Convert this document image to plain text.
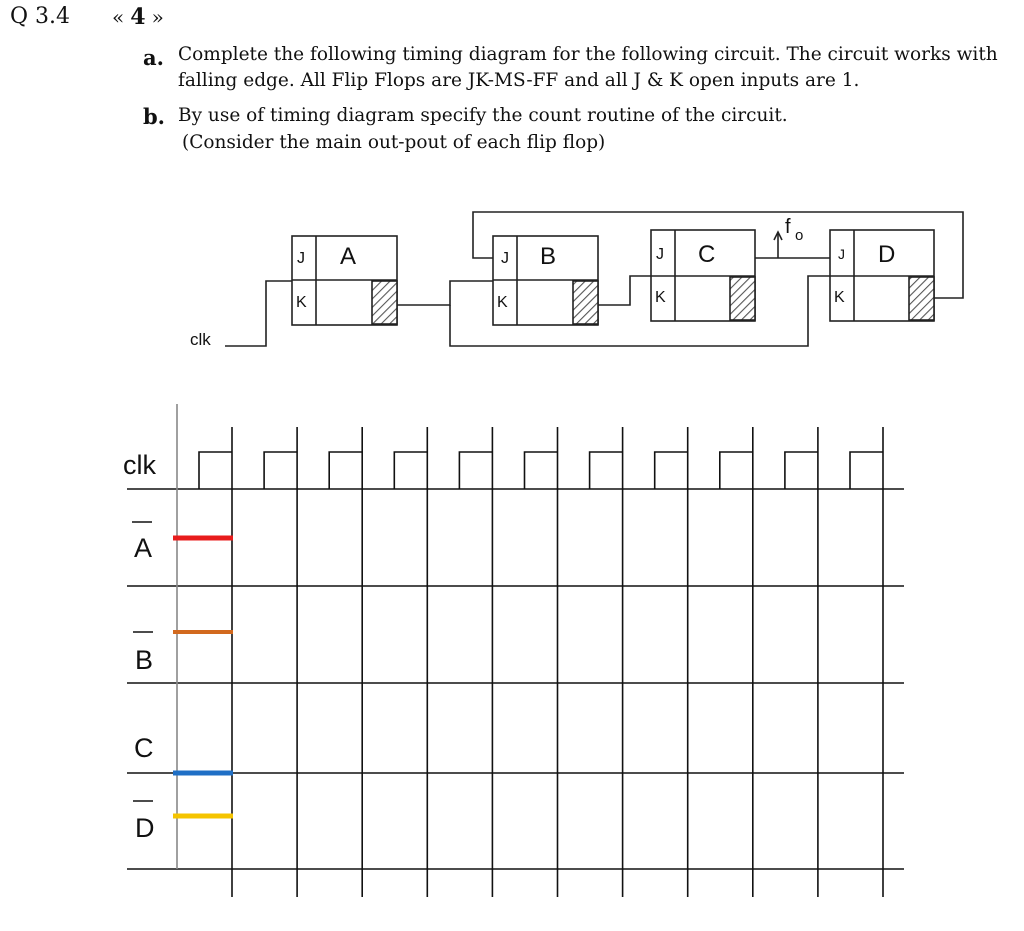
Q 3.4 « 4 »
a. Complete the following timing diagram for the following circuit. The circuit works with
falling edge. All Flip Flops are JK-MS-FF and all J & K open inputs are 1.
b. By use of timing diagram specify the count routine of the circuit.
(Consider the main out-pout of each flip flop)
J
K
A	J
K
B	J
K
C	J
K
D
clk
f o
clk
A
B
C
D
